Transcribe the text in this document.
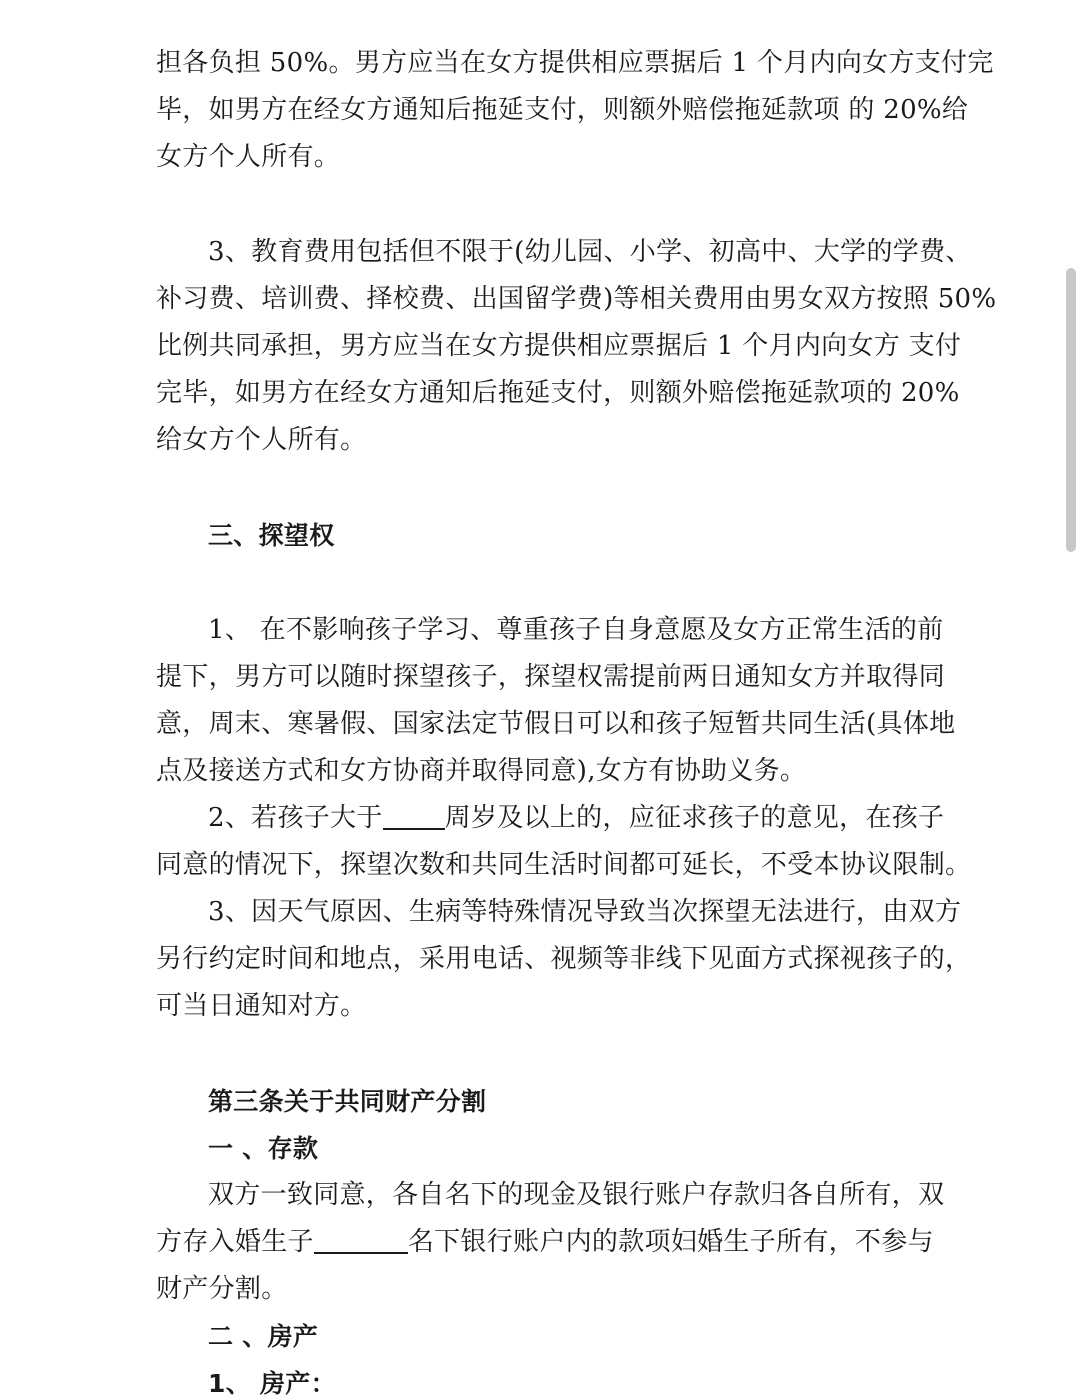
担各负担 50%。男方应当在女方提供相应票据后 1 个月内向女方支付完
毕，如男方在经女方通知后拖延支付，则额外赔偿拖延款项 的 20%给
女方个人所有。
3、教育费用包括但不限于(幼儿园、小学、初高中、大学的学费、
补习费、培训费、择校费、出国留学费)等相关费用由男女双方按照 50%
比例共同承担，男方应当在女方提供相应票据后 1 个月内向女方 支付
完毕，如男方在经女方通知后拖延支付，则额外赔偿拖延款项的 20%
给女方个人所有。
三、探望权
1、 在不影响孩子学习、尊重孩子自身意愿及女方正常生活的前
提下，男方可以随时探望孩子，探望权需提前两日通知女方并取得同
意，周末、寒暑假、国家法定节假日可以和孩子短暂共同生活(具体地
点及接送方式和女方协商并取得同意),女方有协助义务。
2、若孩子大于 周岁及以上的，应征求孩子的意见，在孩子
同意的情况下，探望次数和共同生活时间都可延长，不受本协议限制。
3、因天气原因、生病等特殊情况导致当次探望无法进行，由双方
另行约定时间和地点，采用电话、视频等非线下见面方式探视孩子的，
可当日通知对方。
第三条关于共同财产分割
一 、存款
双方一致同意，各自名下的现金及银行账户存款归各自所有，双
方存入婚生子	名下银行账户内的款项妇婚生子所有，不参与
财产分割。
二 、房产
1、 房产：
